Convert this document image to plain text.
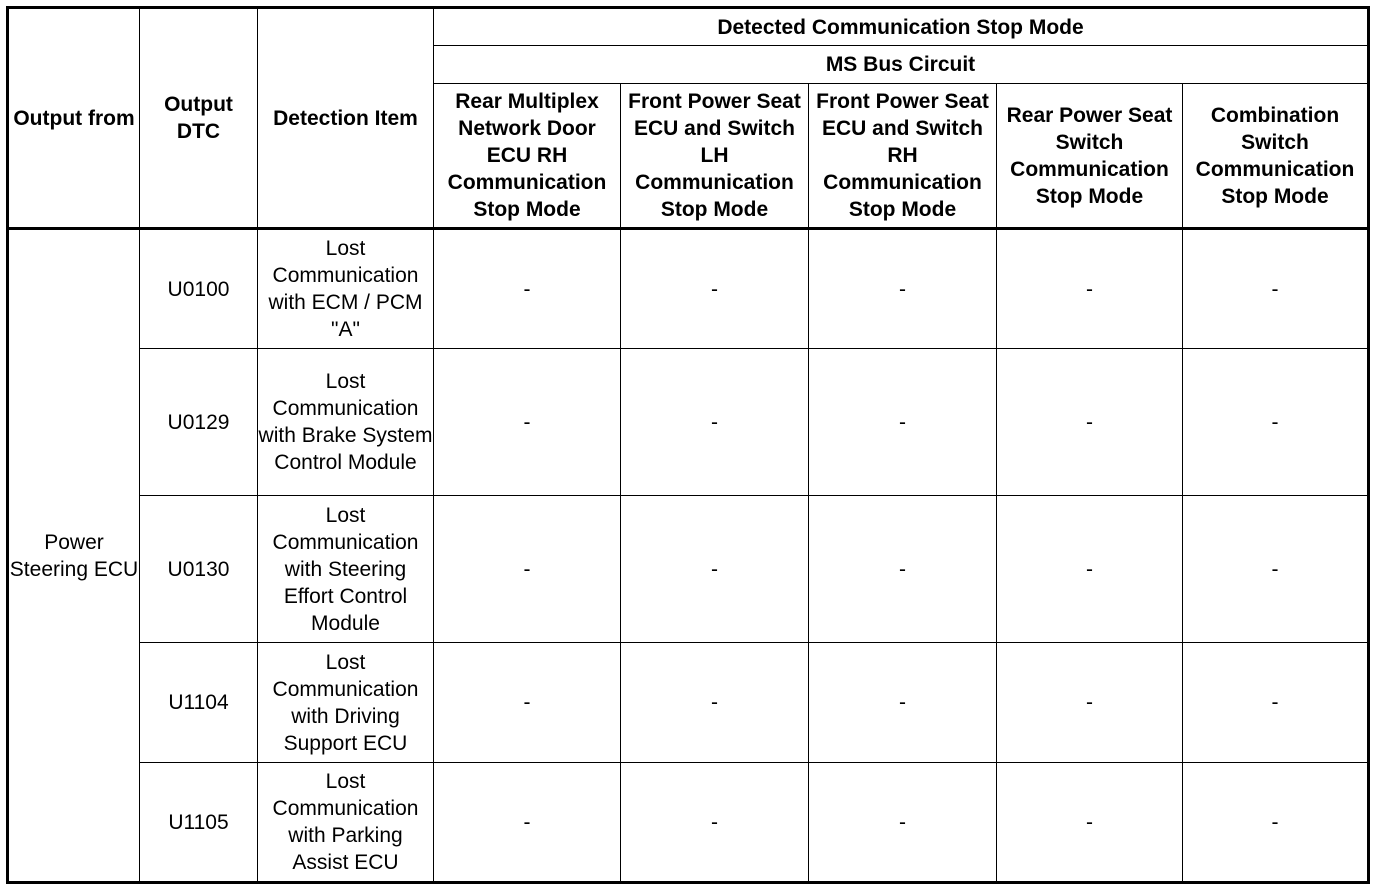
Output from	Output DTC	Detection Item	Detected Communication Stop Mode				
			MS Bus Circuit				
			Rear Multiplex Network Door ECU RH Communication Stop Mode	Front Power Seat ECU and Switch LH Communication Stop Mode	Front Power Seat ECU and Switch RH Communication Stop Mode	Rear Power Seat Switch Communication Stop Mode	Combination Switch Communication Stop Mode
Power Steering ECU	U0100	Lost Communication with ECM / PCM "A"	-	-	-	-	-
	U0129	Lost Communication with Brake System Control Module	-	-	-	-	-
	U0130	Lost Communication with Steering Effort Control Module	-	-	-	-	-
	U1104	Lost Communication with Driving Support ECU	-	-	-	-	-
	U1105	Lost Communication with Parking Assist ECU	-	-	-	-	-
